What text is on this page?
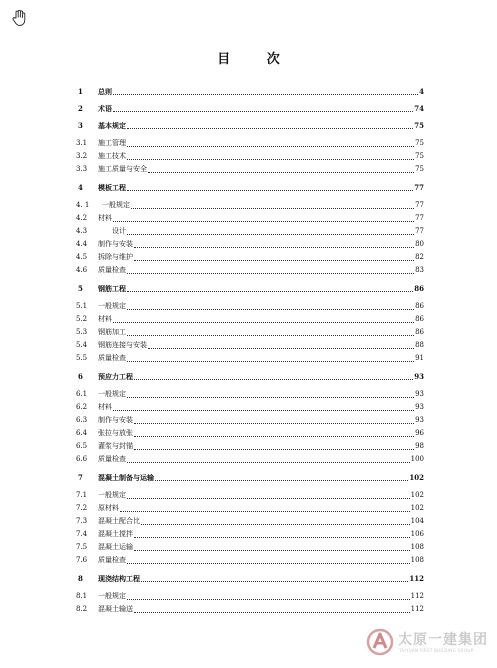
目 次
1	总则	4
2	术语	74
3	基本规定	75
3.1	施工管理	75
3.2	施工技术	75
3.3	施工质量与安全	75
4	模板工程	77
4. 1	一般规定	77
4.2	材料	77
4.3	设计	77
4.4	制作与安装	80
4.5	拆除与维护	82
4.6	质量检查	83
5	钢筋工程	86
5.1	一般规定	86
5.2	材料	86
5.3	钢筋加工	86
5.4	钢筋连接与安装	88
5.5	质量检查	91
6	预应力工程	93
6.1	一般规定	93
6.2	材料	93
6.3	制作与安装	93
6.4	张拉与放张	96
6.5	灌浆与封锚	98
6.6	质量检查	100
7	混凝土制备与运输	102
7.1	一般规定	102
7.2	原材料	102
7.3	混凝土配合比	104
7.4	混凝土搅拌	106
7.5	混凝土运输	108
7.6	质量检查	108
8	现浇结构工程	112
8.1	一般规定	112
8.2	混凝土输送	112
太原一建集团
TAIYUAN FIRST BUILDING GROUP
